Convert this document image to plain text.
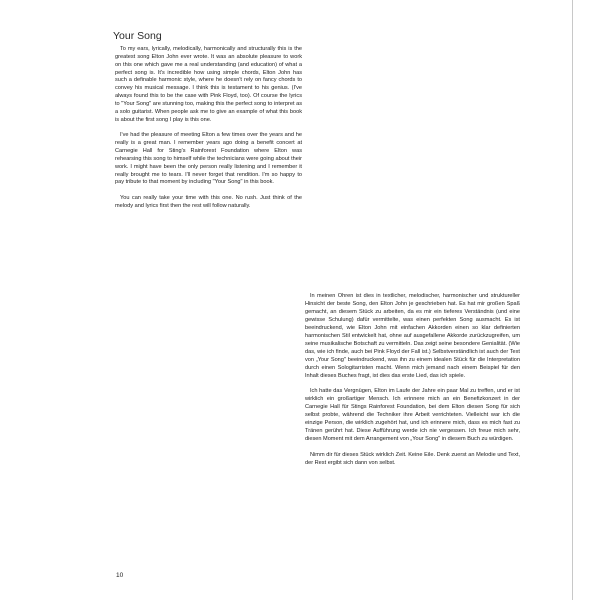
Your Song

To my ears, lyrically, melodically, harmonically and structurally this is the greatest song Elton John ever wrote. It was an absolute pleasure to work on this one which gave me a real understanding (and education) of what a perfect song is. It's incredible how using simple chords, Elton John has such a definable harmonic style, where he doesn't rely on fancy chords to convey his musical message. I think this is testament to his genius. (I've always found this to be the case with Pink Floyd, too). Of course the lyrics to "Your Song" are stunning too, making this the perfect song to interpret as a solo guitarist. When people ask me to give an example of what this book is about the first song I play is this one.

I've had the pleasure of meeting Elton a few times over the years and he really is a great man. I remember years ago doing a benefit concert at Carnegie Hall for Sting's Rainforest Foundation where Elton was rehearsing this song to himself while the technicians were going about their work. I might have been the only person really listening and I remember it really brought me to tears. I'll never forget that rendition. I'm so happy to pay tribute to that moment by including "Your Song" in this book.

You can really take your time with this one. No rush. Just think of the melody and lyrics first then the rest will follow naturally.

In meinen Ohren ist dies in textlicher, melodischer, harmonischer und struktureller Hinsicht der beste Song, den Elton John je geschrieben hat. Es hat mir großen Spaß gemacht, an diesem Stück zu arbeiten, da es mir ein tieferes Verständnis (und eine gewisse Schulung) dafür vermittelte, was einen perfekten Song ausmacht. Es ist beeindruckend, wie Elton John mit einfachen Akkorden einen so klar definierten harmonischen Stil entwickelt hat, ohne auf ausgefallene Akkorde zurückzugreifen, um seine musikalische Botschaft zu vermitteln. Das zeigt seine besondere Genialität. (Wie das, wie ich finde, auch bei Pink Floyd der Fall ist.) Selbstverständlich ist auch der Text von „Your Song" beeindruckend, was ihn zu einem idealen Stück für die Interpretation durch einen Sologitarristen macht. Wenn mich jemand nach einem Beispiel für den Inhalt dieses Buches fragt, ist dies das erste Lied, das ich spiele.

Ich hatte das Vergnügen, Elton im Laufe der Jahre ein paar Mal zu treffen, und er ist wirklich ein großartiger Mensch. Ich erinnere mich an ein Benefizkonzert in der Carnegie Hall für Stings Rainforest Foundation, bei dem Elton diesen Song für sich selbst probte, während die Techniker ihre Arbeit verrichteten. Vielleicht war ich die einzige Person, die wirklich zugehört hat, und ich erinnere mich, dass es mich fast zu Tränen gerührt hat. Diese Aufführung werde ich nie vergessen. Ich freue mich sehr, diesen Moment mit dem Arrangement von „Your Song" in diesem Buch zu würdigen.

Nimm dir für dieses Stück wirklich Zeit. Keine Eile. Denk zuerst an Melodie und Text, der Rest ergibt sich dann von selbst.

10
